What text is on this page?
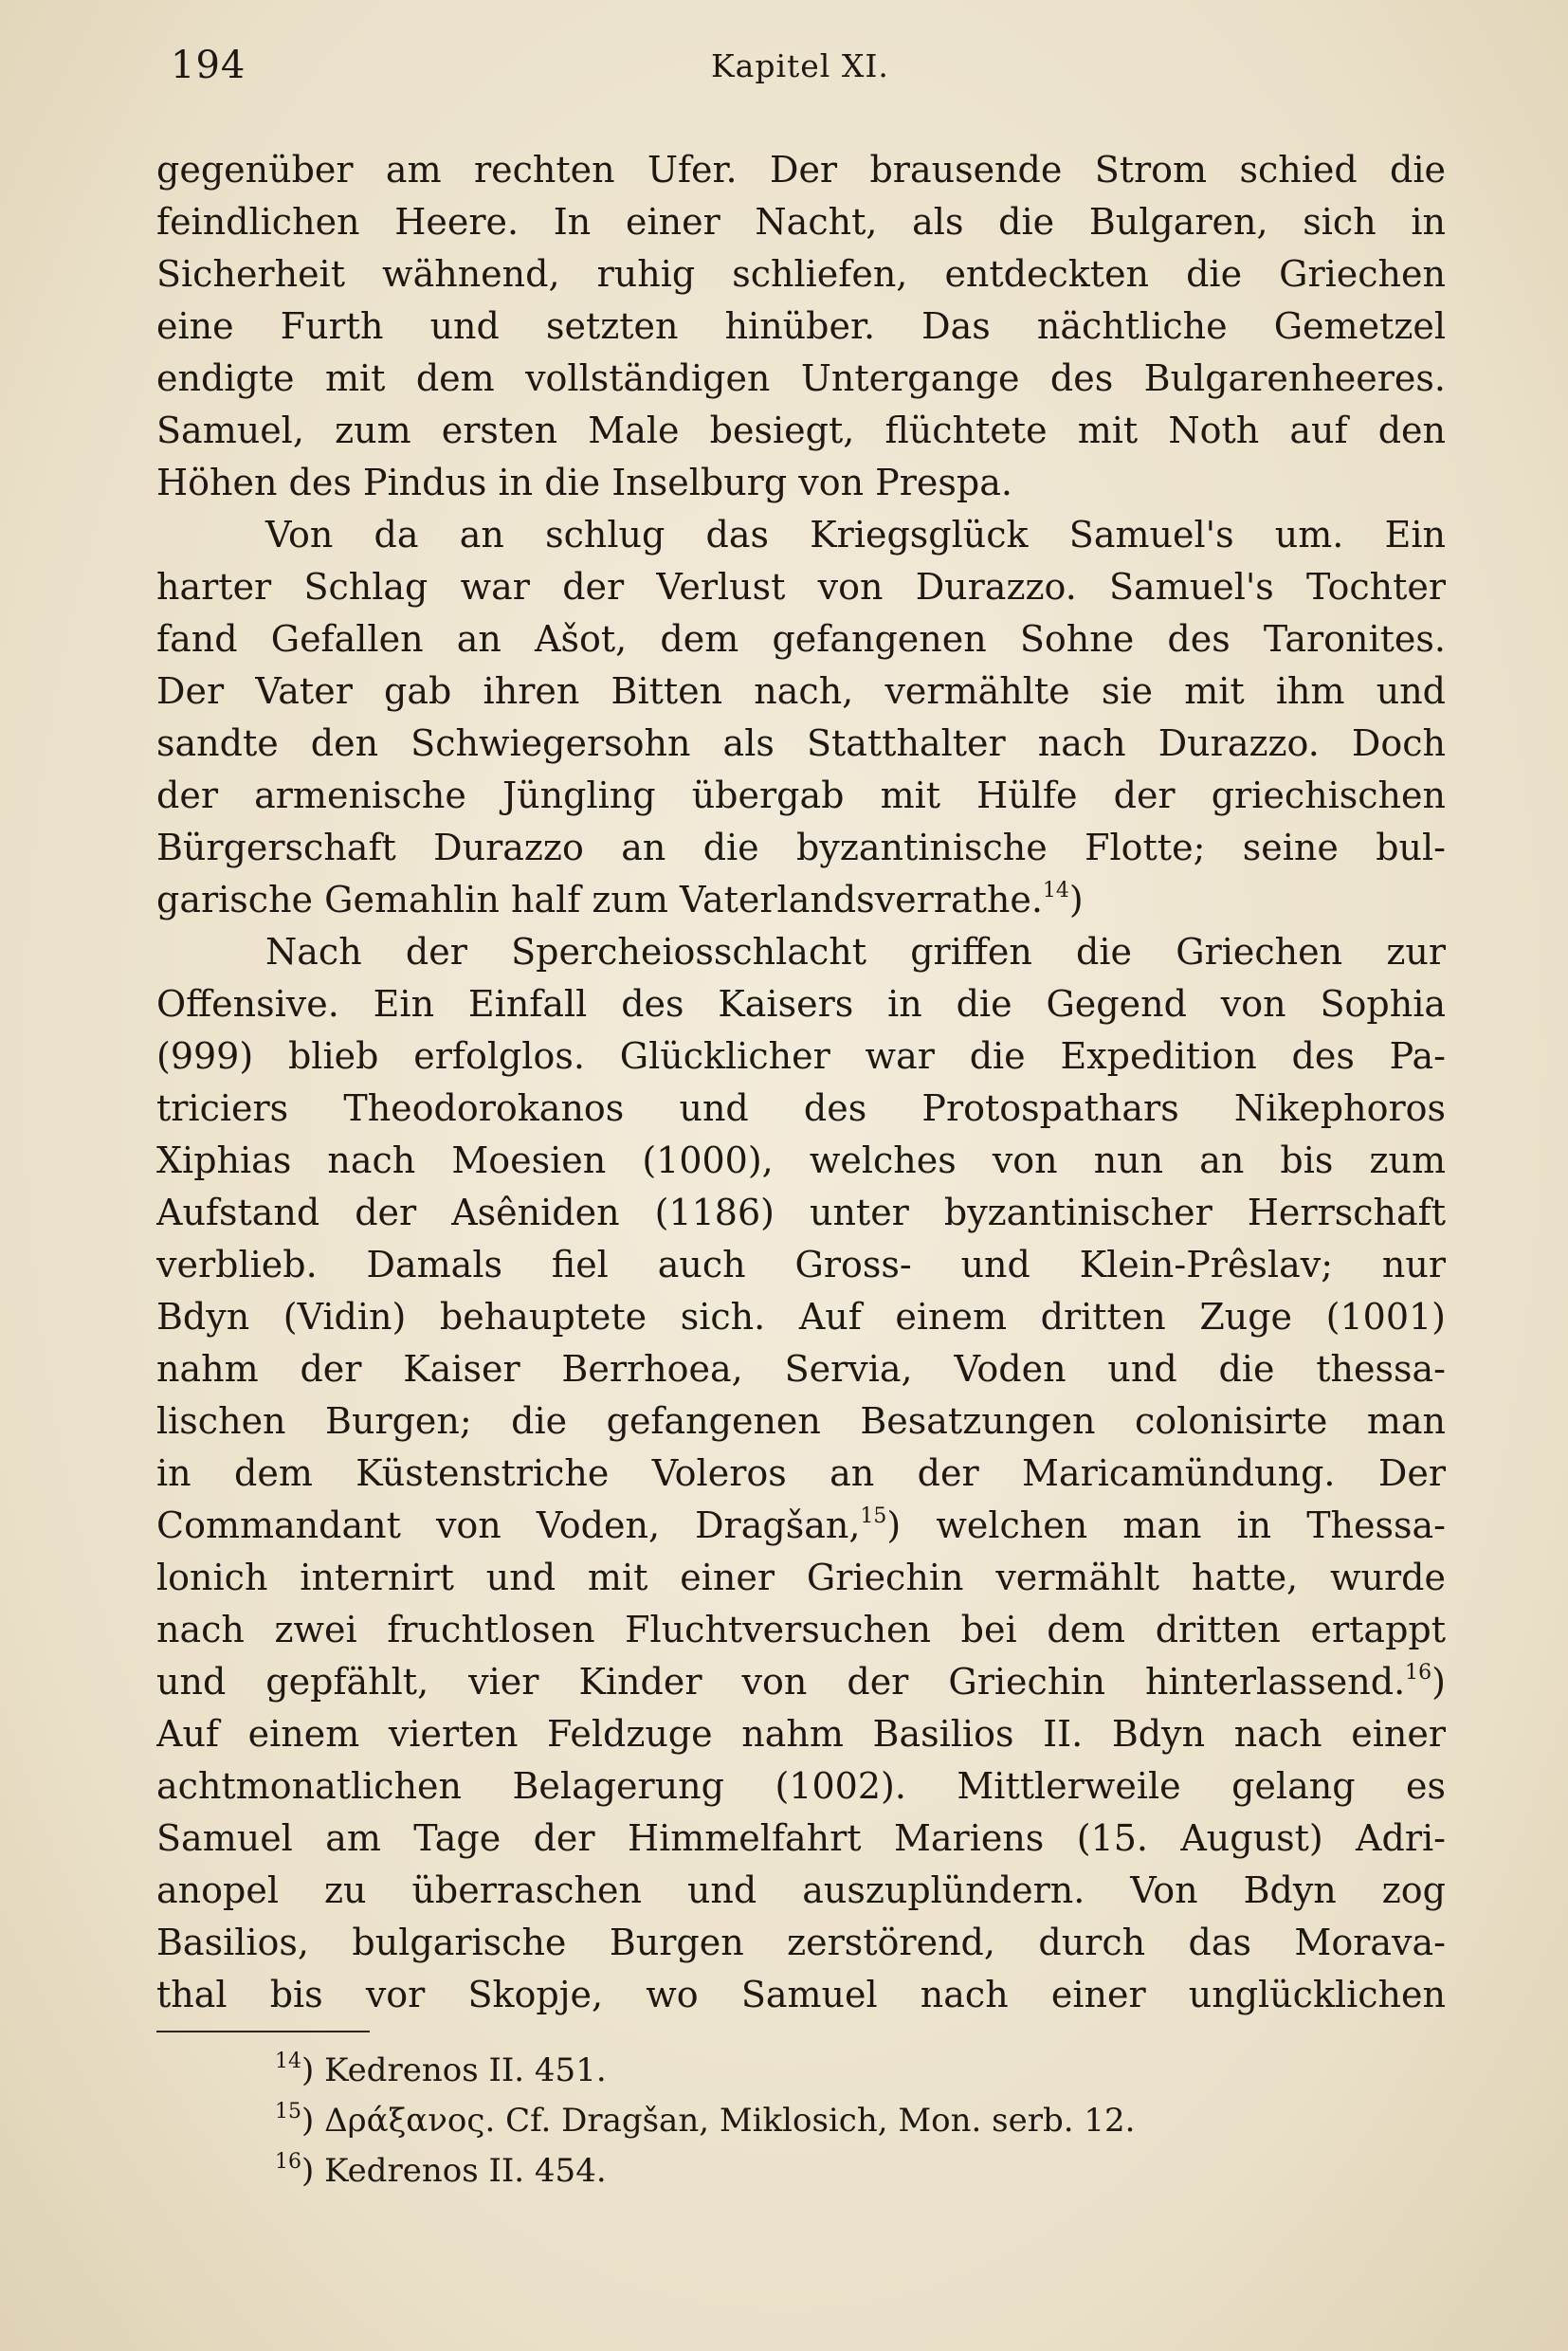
194	Kapitel XI.
gegenüber am rechten Ufer. Der brausende Strom schied die
feindlichen Heere. In einer Nacht, als die Bulgaren, sich in
Sicherheit wähnend, ruhig schliefen, entdeckten die Griechen
eine Furth und setzten hinüber. Das nächtliche Gemetzel
endigte mit dem vollständigen Untergange des Bulgarenheeres.
Samuel, zum ersten Male besiegt, flüchtete mit Noth auf den
Höhen des Pindus in die Inselburg von Prespa.
Von da an schlug das Kriegsglück Samuel's um. Ein
harter Schlag war der Verlust von Durazzo. Samuel's Tochter
fand Gefallen an Ašot, dem gefangenen Sohne des Taronites.
Der Vater gab ihren Bitten nach, vermählte sie mit ihm und
sandte den Schwiegersohn als Statthalter nach Durazzo. Doch
der armenische Jüngling übergab mit Hülfe der griechischen
Bürgerschaft Durazzo an die byzantinische Flotte; seine bul-
garische Gemahlin half zum Vaterlandsverrathe.$^{14}$)
Nach der Spercheiosschlacht griffen die Griechen zur
Offensive. Ein Einfall des Kaisers in die Gegend von Sophia
(999) blieb erfolglos. Glücklicher war die Expedition des Pa-
triciers Theodorokanos und des Protospathars Nikephoros
Xiphias nach Moesien (1000), welches von nun an bis zum
Aufstand der Asêniden (1186) unter byzantinischer Herrschaft
verblieb. Damals fiel auch Gross- und Klein-Prêslav; nur
Bdyn (Vidin) behauptete sich. Auf einem dritten Zuge (1001)
nahm der Kaiser Berrhoea, Servia, Voden und die thessa-
lischen Burgen; die gefangenen Besatzungen colonisirte man
in dem Küstenstriche Voleros an der Maricamündung. Der
Commandant von Voden, Dragšan,$^{15}$) welchen man in Thessa-
lonich internirt und mit einer Griechin vermählt hatte, wurde
nach zwei fruchtlosen Fluchtversuchen bei dem dritten ertappt
und gepfählt, vier Kinder von der Griechin hinterlassend.$^{16}$)
Auf einem vierten Feldzuge nahm Basilios II. Bdyn nach einer
achtmonatlichen Belagerung (1002). Mittlerweile gelang es
Samuel am Tage der Himmelfahrt Mariens (15. August) Adri-
anopel zu überraschen und auszuplündern. Von Bdyn zog
Basilios, bulgarische Burgen zerstörend, durch das Morava-
thal bis vor Skopje, wo Samuel nach einer unglücklichen
$^{14}$) Kedrenos II. 451.
$^{15}$) Δράξανος. Cf. Dragšan, Miklosich, Mon. serb. 12.
$^{16}$) Kedrenos II. 454.
